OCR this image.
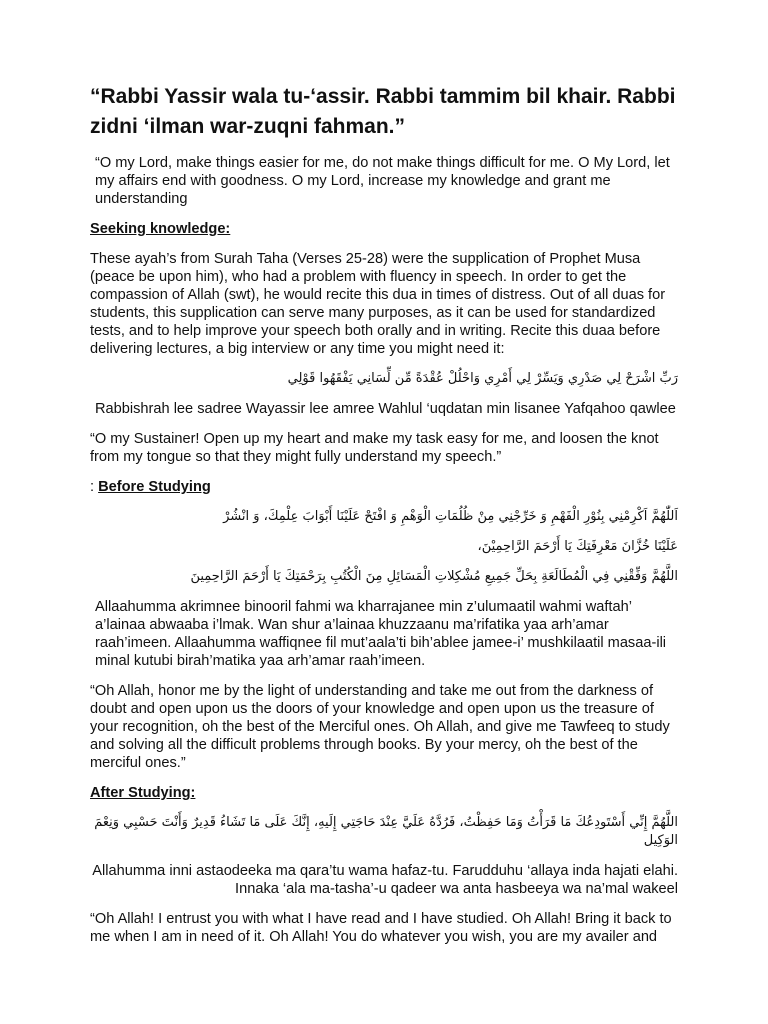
“Rabbi Yassir wala tu-‘assir. Rabbi tammim bil khair. Rabbi zidni ‘ilman war-zuqni fahman.”

“O my Lord, make things easier for me, do not make things difficult for me. O My Lord, let my affairs end with goodness. O my Lord, increase my knowledge and grant me understanding

Seeking knowledge:

These ayah’s from Surah Taha (Verses 25-28) were the supplication of Prophet Musa (peace be upon him), who had a problem with fluency in speech. In order to get the compassion of Allah (swt), he would recite this dua in times of distress. Out of all duas for students, this supplication can serve many purposes, as it can be used for standardized tests, and to help improve your speech both orally and in writing. Recite this duaa before delivering lectures, a big interview or any time you might need it:

رَبِّ اشْرَحْ لِي صَدْرِي وَيَسِّرْ لِي أَمْرِي وَاحْلُلْ عُقْدَةً مِّن لِّسَانِي يَفْقَهُوا قَوْلِي

Rabbishrah lee sadree Wayassir lee amree Wahlul ‘uqdatan min lisanee Yafqahoo qawlee

“O my Sustainer! Open up my heart and make my task easy for me, and loosen the knot from my tongue so that they might fully understand my speech.”

: Before Studying

اَللّٰهُمَّ اَكْرِمْنِي بِنُوْرِ الْفَهْمِ وَ خَرِّجْنِي مِنْ ظُلُمَاتِ الْوَهْمِ وَ افْتَحْ عَلَيْنَا أَبْوَابَ عِلْمِكَ، وَ انْشُرْ

عَلَيْنَا خُزَّانَ مَعْرِفَتِكَ يَا أَرْحَمَ الرَّاحِمِيْنَ،

اللَّهُمَّ وَفِّقْنِي فِي الْمُطَالَعَةِ بِحَلِّ جَمِيعِ مُشْكِلاتِ الْمَسَائِلِ مِنَ الْكُتُبِ بِرَحْمَتِكَ يَا أَرْحَمَ الرَّاحِمِينَ

Allaahumma akrimnee binooril fahmi wa kharrajanee min z’ulumaatil wahmi waftah’ a’lainaa abwaaba i’lmak. Wan shur a’lainaa khuzzaanu ma’rifatika yaa arh’amar raah’imeen. Allaahumma waffiqnee fil mut’aala’ti bih’ablee jamee-i’ mushkilaatil masaa-ili minal kutubi birah’matika yaa arh’amar raah’imeen.

“Oh Allah, honor me by the light of understanding and take me out from the darkness of doubt and open upon us the doors of your knowledge and open upon us the treasure of your recognition, oh the best of the Merciful ones. Oh Allah, and give me Tawfeeq to study and solving all the difficult problems through books. By your mercy, oh the best of the merciful ones.”

After Studying:

اللَّهُمَّ إِنِّي أَسْتَودِعُكَ مَا قَرَأْتُ وَمَا حَفِظْتُ، فَرُدَّهُ عَلَيَّ عِنْدَ حَاجَتِي إِلَيهِ، إِنَّكَ عَلَى مَا تَشَاءُ قَدِيرٌ وَأَنْتَ حَسْبِي وَنِعْمَ الوَكِيل

Allahumma inni astaodeeka ma qara’tu wama hafaz-tu. Farudduhu ‘allaya inda hajati elahi.

Innaka ‘ala ma-tasha’-u qadeer wa anta hasbeeya wa na’mal wakeel

“Oh Allah! I entrust you with what I have read and I have studied. Oh Allah! Bring it back to me when I am in need of it. Oh Allah! You do whatever you wish, you are my availer and
